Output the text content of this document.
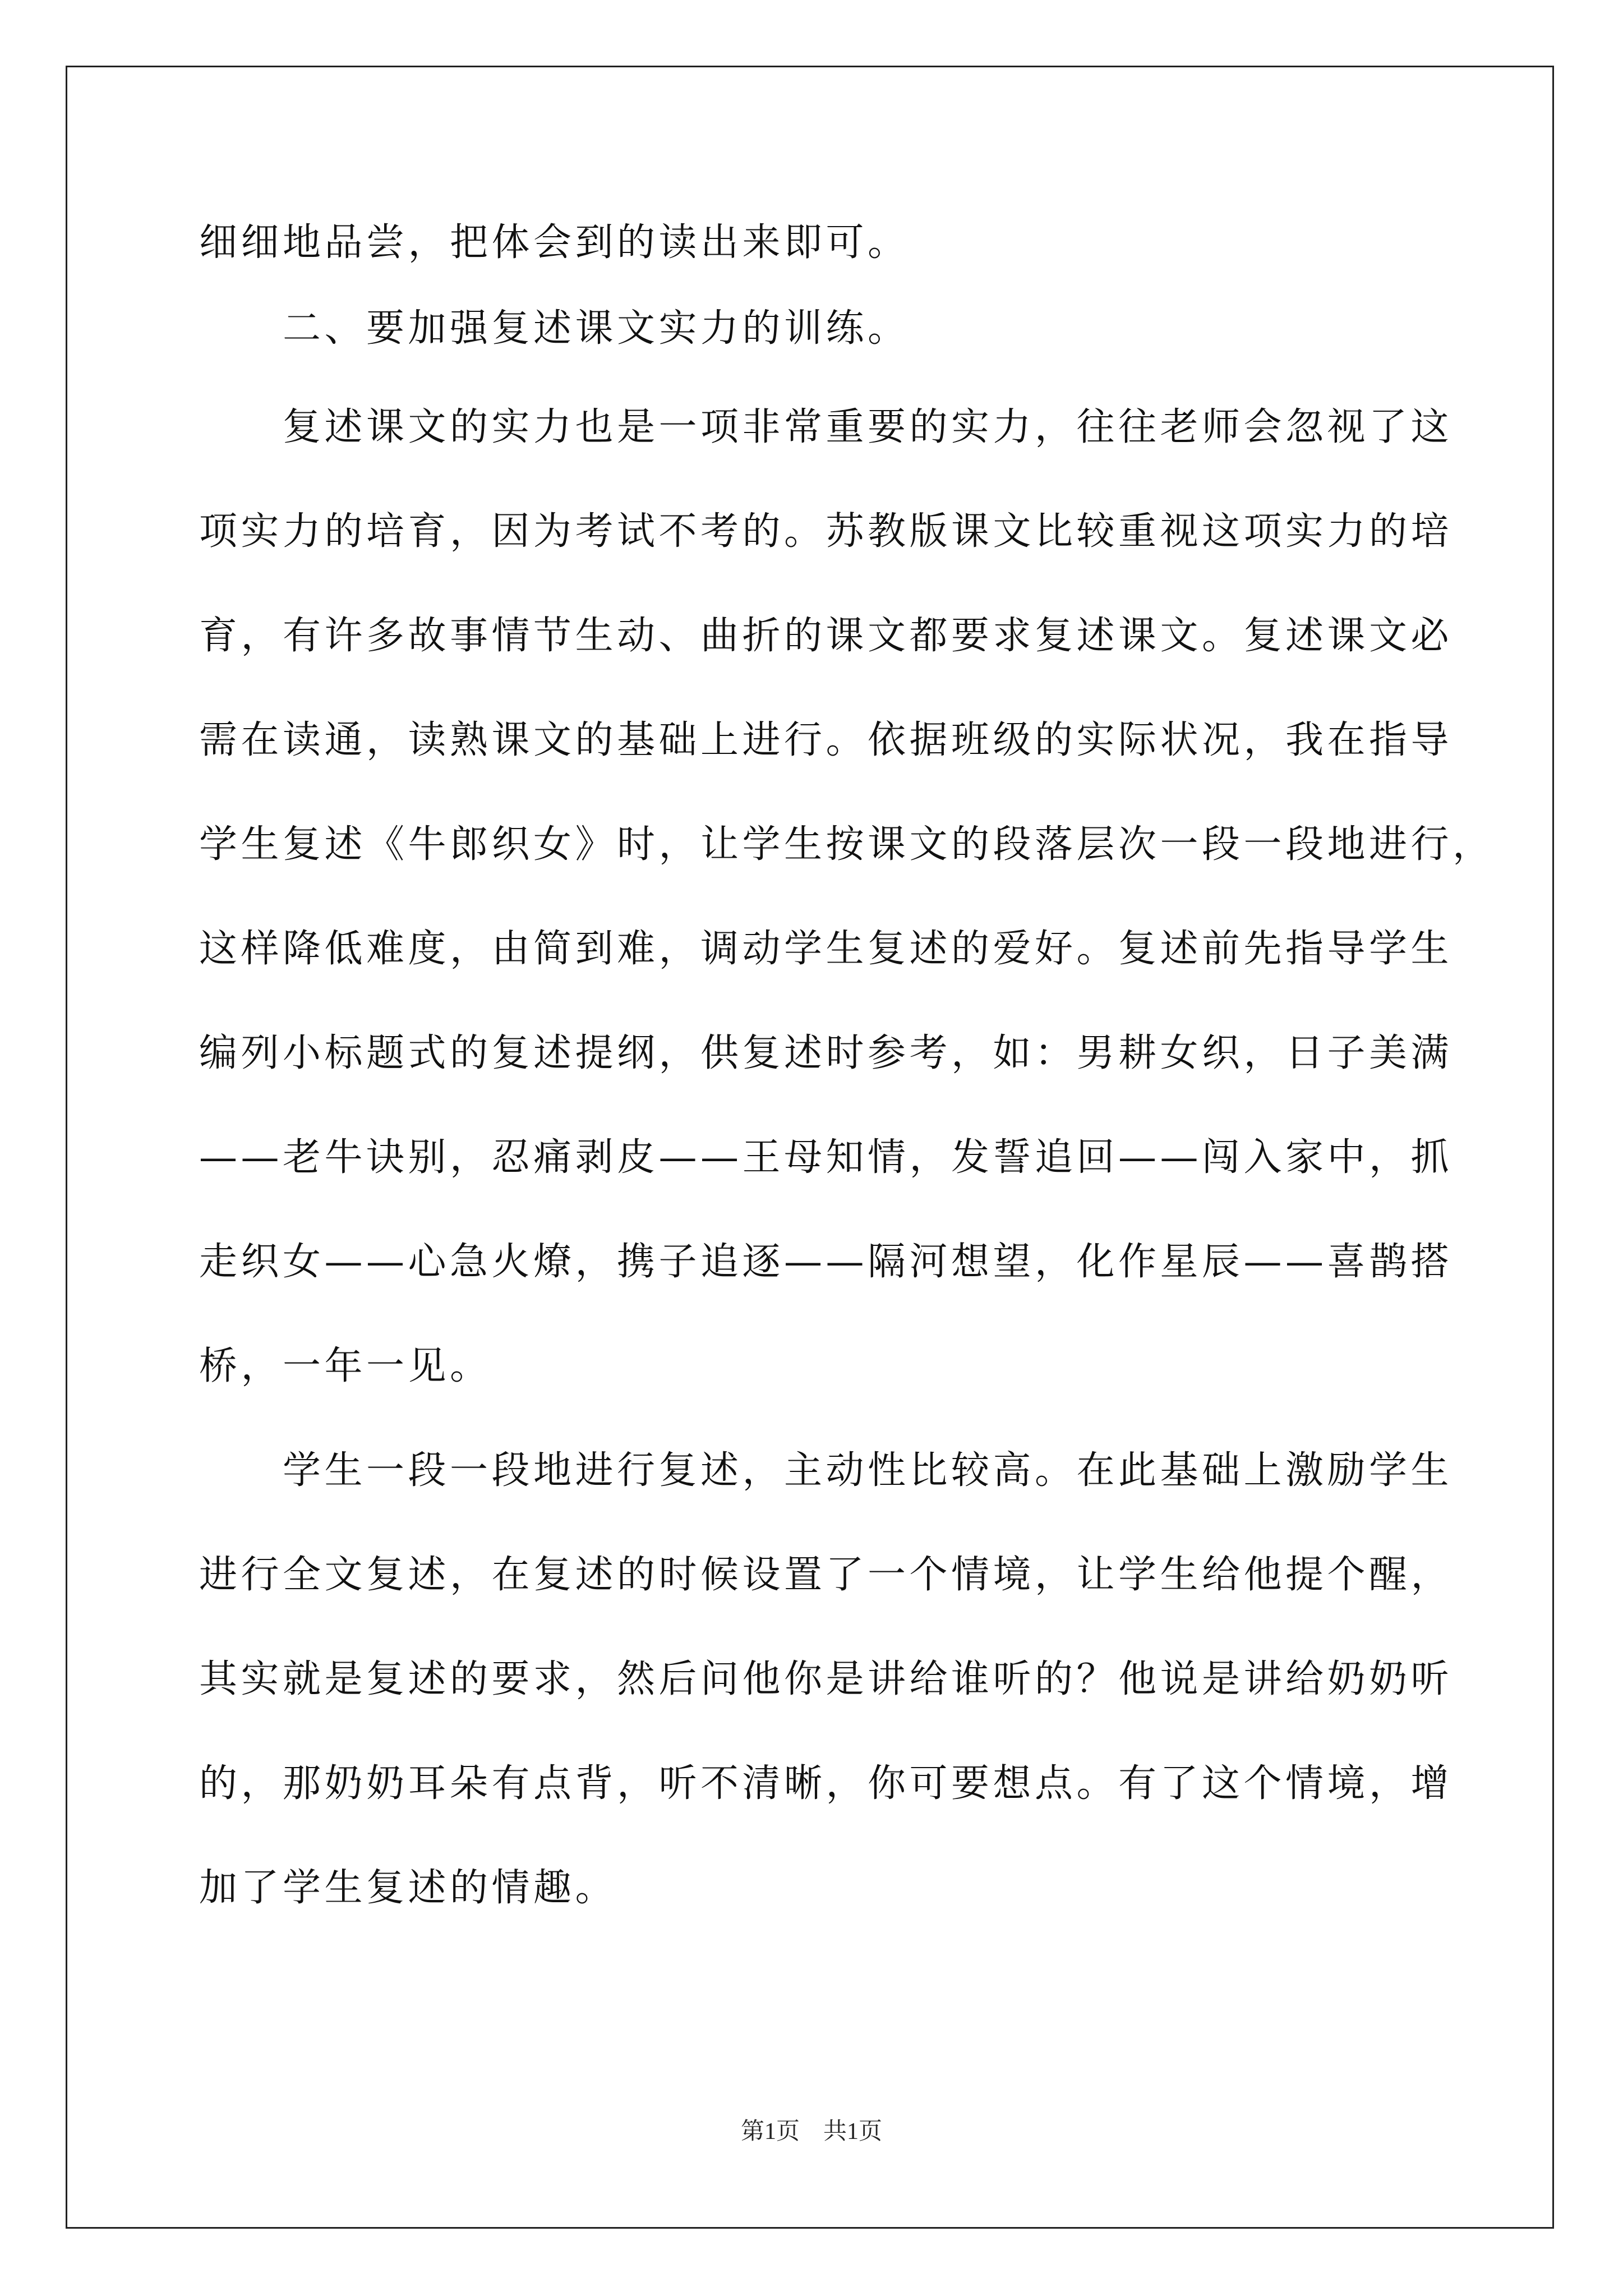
细细地品尝，把体会到的读出来即可。
　　二、要加强复述课文实力的训练。
　　复述课文的实力也是一项非常重要的实力，往往老师会忽视了这
项实力的培育，因为考试不考的。苏教版课文比较重视这项实力的培
育，有许多故事情节生动、曲折的课文都要求复述课文。复述课文必
需在读通，读熟课文的基础上进行。依据班级的实际状况，我在指导
学生复述《牛郎织女》时，让学生按课文的段落层次一段一段地进行，
这样降低难度，由简到难，调动学生复述的爱好。复述前先指导学生
编列小标题式的复述提纲，供复述时参考，如：男耕女织，日子美满
——老牛诀别，忍痛剥皮——王母知情，发誓追回——闯入家中，抓
走织女——心急火燎，携子追逐——隔河想望，化作星辰——喜鹊搭
桥，一年一见。
　　学生一段一段地进行复述，主动性比较高。在此基础上激励学生
进行全文复述，在复述的时候设置了一个情境，让学生给他提个醒，
其实就是复述的要求，然后问他你是讲给谁听的？他说是讲给奶奶听
的，那奶奶耳朵有点背，听不清晰，你可要想点。有了这个情境，增
加了学生复述的情趣。
第1页　共1页
